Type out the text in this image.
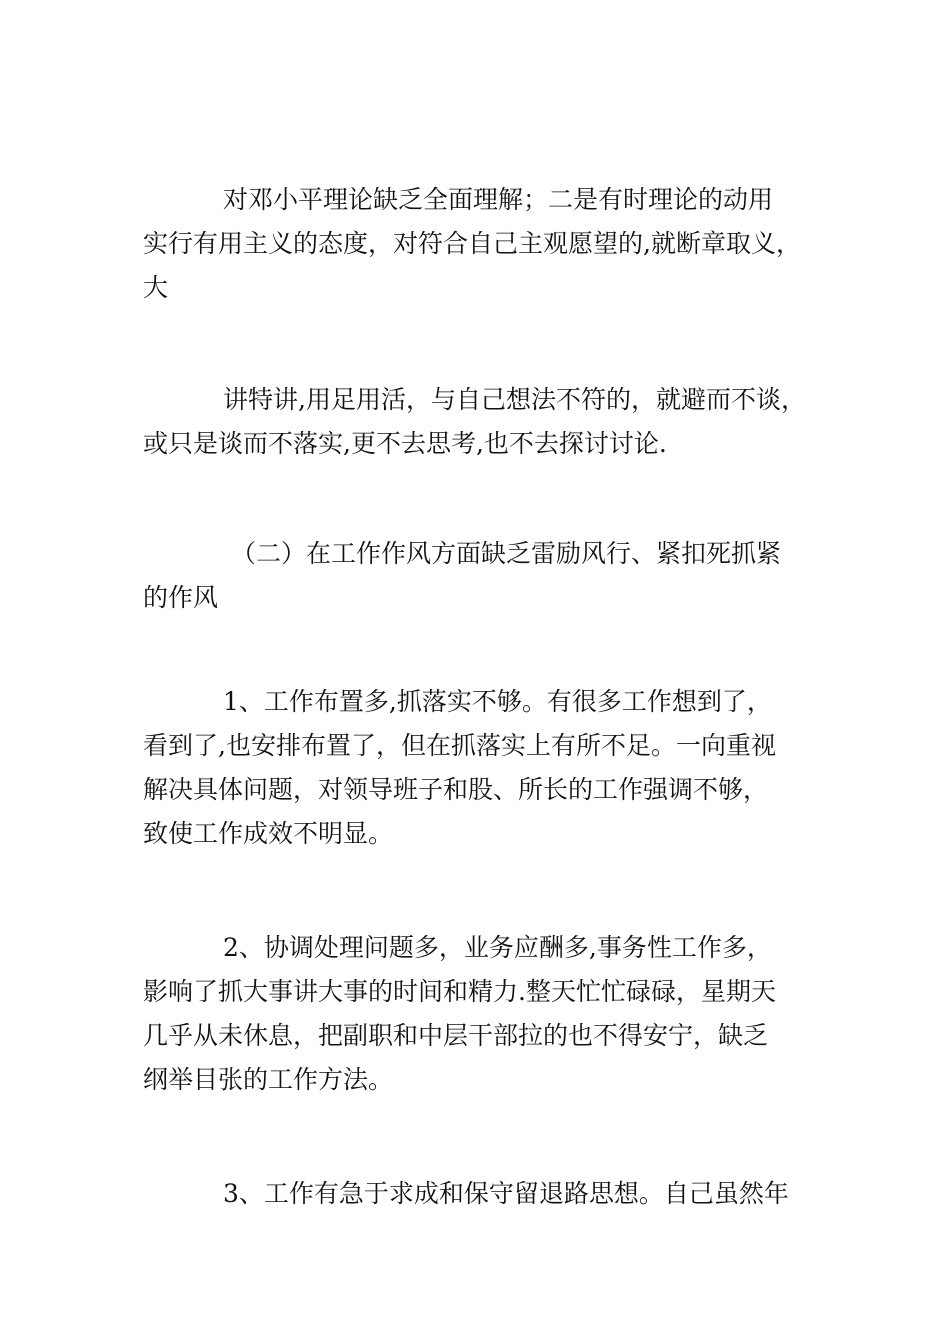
对邓小平理论缺乏全面理解；二是有时理论的动用
实行有用主义的态度，对符合自己主观愿望的,就断章取义，
大

讲特讲,用足用活，与自己想法不符的，就避而不谈，
或只是谈而不落实,更不去思考,也不去探讨讨论.

（二）在工作作风方面缺乏雷励风行、紧扣死抓紧
的作风

1、工作布置多,抓落实不够。有很多工作想到了，
看到了,也安排布置了，但在抓落实上有所不足。一向重视
解决具体问题，对领导班子和股、所长的工作强调不够，
致使工作成效不明显。

2、协调处理问题多，业务应酬多,事务性工作多，
影响了抓大事讲大事的时间和精力.整天忙忙碌碌，星期天
几乎从未休息，把副职和中层干部拉的也不得安宁，缺乏
纲举目张的工作方法。

3、工作有急于求成和保守留退路思想。自己虽然年
